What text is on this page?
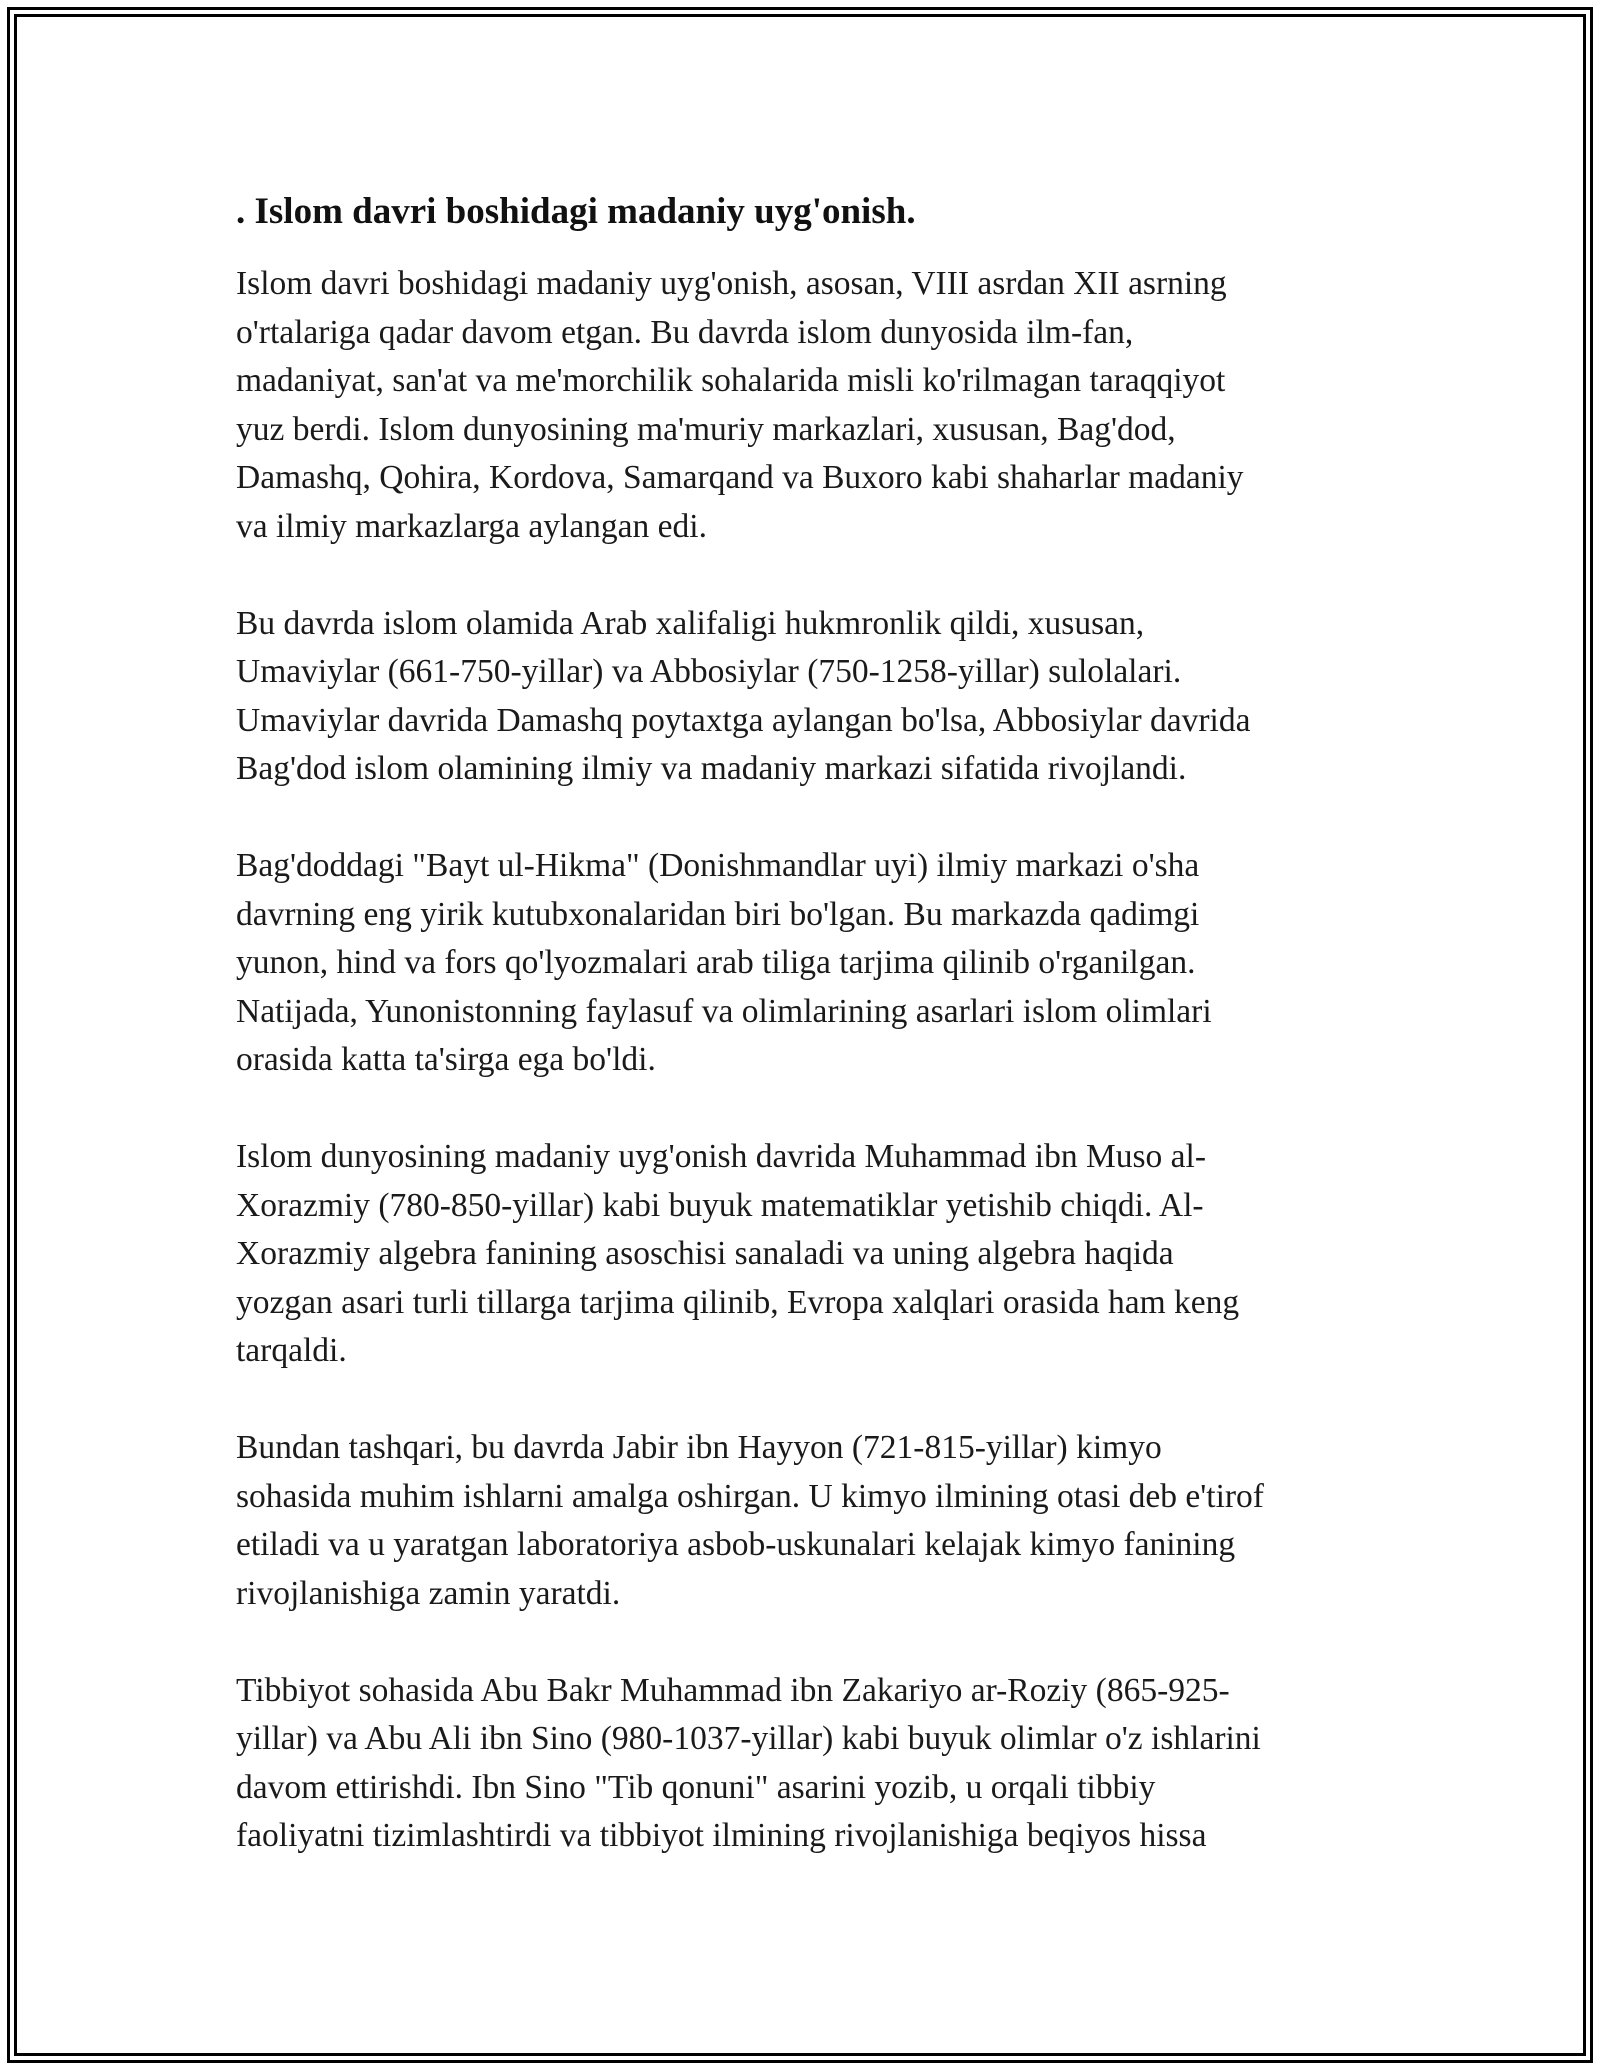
. Islom davri boshidagi madaniy uyg'onish.

Islom davri boshidagi madaniy uyg'onish, asosan, VIII asrdan XII asrning
o'rtalariga qadar davom etgan. Bu davrda islom dunyosida ilm-fan,
madaniyat, san'at va me'morchilik sohalarida misli ko'rilmagan taraqqiyot
yuz berdi. Islom dunyosining ma'muriy markazlari, xususan, Bag'dod,
Damashq, Qohira, Kordova, Samarqand va Buxoro kabi shaharlar madaniy
va ilmiy markazlarga aylangan edi.

Bu davrda islom olamida Arab xalifaligi hukmronlik qildi, xususan,
Umaviylar (661-750-yillar) va Abbosiylar (750-1258-yillar) sulolalari.
Umaviylar davrida Damashq poytaxtga aylangan bo'lsa, Abbosiylar davrida
Bag'dod islom olamining ilmiy va madaniy markazi sifatida rivojlandi.

Bag'doddagi "Bayt ul-Hikma" (Donishmandlar uyi) ilmiy markazi o'sha
davrning eng yirik kutubxonalaridan biri bo'lgan. Bu markazda qadimgi
yunon, hind va fors qo'lyozmalari arab tiliga tarjima qilinib o'rganilgan.
Natijada, Yunonistonning faylasuf va olimlarining asarlari islom olimlari
orasida katta ta'sirga ega bo'ldi.

Islom dunyosining madaniy uyg'onish davrida Muhammad ibn Muso al-
Xorazmiy (780-850-yillar) kabi buyuk matematiklar yetishib chiqdi. Al-
Xorazmiy algebra fanining asoschisi sanaladi va uning algebra haqida
yozgan asari turli tillarga tarjima qilinib, Evropa xalqlari orasida ham keng
tarqaldi.

Bundan tashqari, bu davrda Jabir ibn Hayyon (721-815-yillar) kimyo
sohasida muhim ishlarni amalga oshirgan. U kimyo ilmining otasi deb e'tirof
etiladi va u yaratgan laboratoriya asbob-uskunalari kelajak kimyo fanining
rivojlanishiga zamin yaratdi.

Tibbiyot sohasida Abu Bakr Muhammad ibn Zakariyo ar-Roziy (865-925-
yillar) va Abu Ali ibn Sino (980-1037-yillar) kabi buyuk olimlar o'z ishlarini
davom ettirishdi. Ibn Sino "Tib qonuni" asarini yozib, u orqali tibbiy
faoliyatni tizimlashtirdi va tibbiyot ilmining rivojlanishiga beqiyos hissa
